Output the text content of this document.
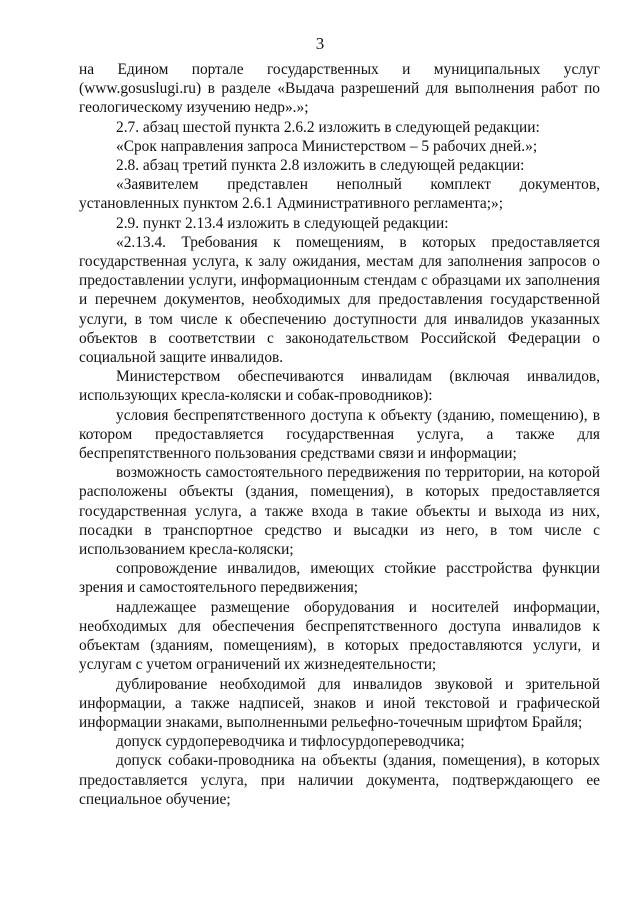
3

на Едином портале государственных и муниципальных услуг (www.gosuslugi.ru) в разделе «Выдача разрешений для выполнения работ по геологическому изучению недр».»;

2.7. абзац шестой пункта 2.6.2 изложить в следующей редакции:

«Срок направления запроса Министерством – 5 рабочих дней.»;

2.8. абзац третий пункта 2.8 изложить в следующей редакции:

«Заявителем представлен неполный комплект документов, установленных пунктом 2.6.1 Административного регламента;»;

2.9. пункт 2.13.4 изложить в следующей редакции:

«2.13.4. Требования к помещениям, в которых предоставляется государственная услуга, к залу ожидания, местам для заполнения запросов о предоставлении услуги, информационным стендам с образцами их заполнения и перечнем документов, необходимых для предоставления государственной услуги, в том числе к обеспечению доступности для инвалидов указанных объектов в соответствии с законодательством Российской Федерации о социальной защите инвалидов.

Министерством обеспечиваются инвалидам (включая инвалидов, использующих кресла-коляски и собак-проводников):

условия беспрепятственного доступа к объекту (зданию, помещению), в котором предоставляется государственная услуга, а также для беспрепятственного пользования средствами связи и информации;

возможность самостоятельного передвижения по территории, на которой расположены объекты (здания, помещения), в которых предоставляется государственная услуга, а также входа в такие объекты и выхода из них, посадки в транспортное средство и высадки из него, в том числе с использованием кресла-коляски;

сопровождение инвалидов, имеющих стойкие расстройства функции зрения и самостоятельного передвижения;

надлежащее размещение оборудования и носителей информации, необходимых для обеспечения беспрепятственного доступа инвалидов к объектам (зданиям, помещениям), в которых предоставляются услуги, и услугам с учетом ограничений их жизнедеятельности;

дублирование необходимой для инвалидов звуковой и зрительной информации, а также надписей, знаков и иной текстовой и графической информации знаками, выполненными рельефно-точечным шрифтом Брайля;

допуск сурдопереводчика и тифлосурдопереводчика;

допуск собаки-проводника на объекты (здания, помещения), в которых предоставляется услуга, при наличии документа, подтверждающего ее специальное обучение;
